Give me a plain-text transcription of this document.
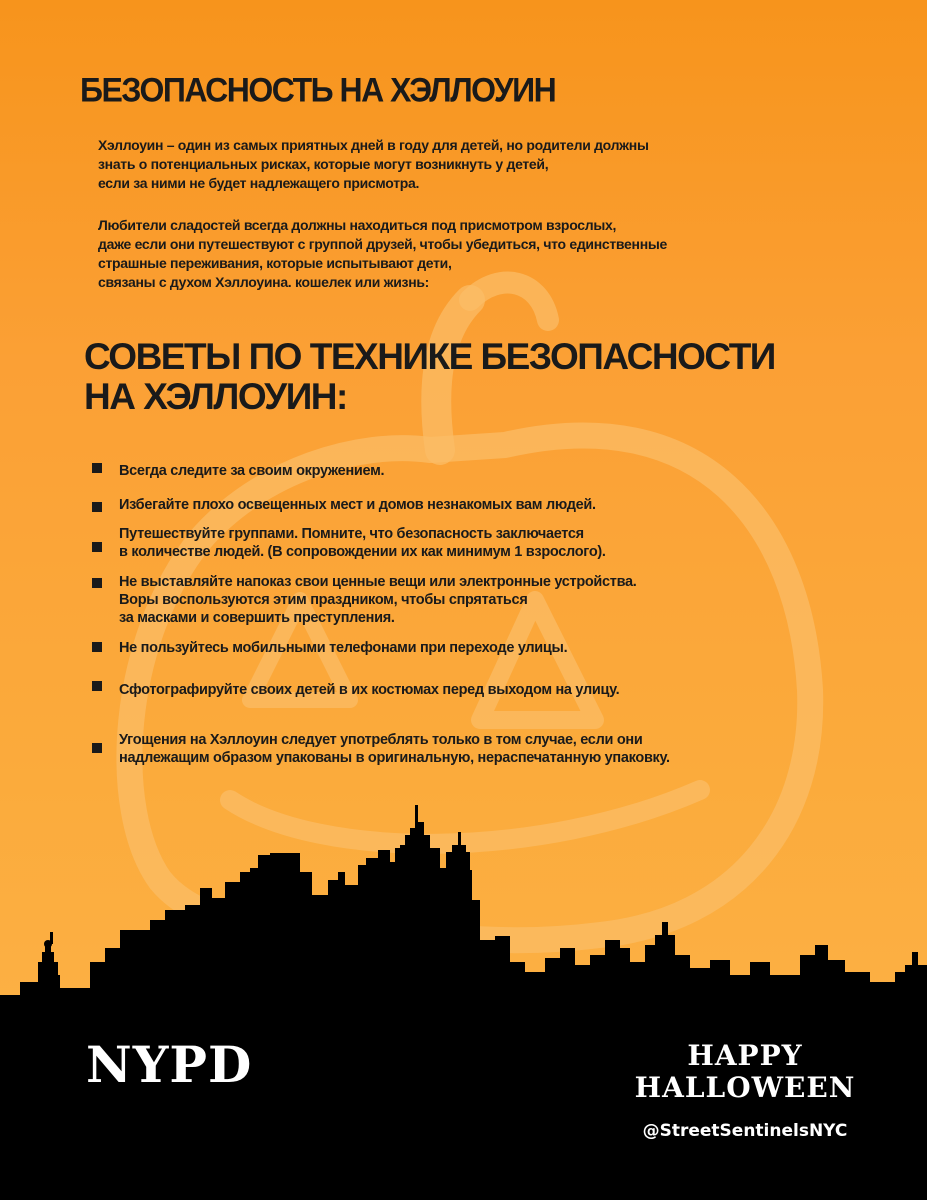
БЕЗОПАСНОСТЬ НА ХЭЛЛОУИН
Хэллоуин – один из самых приятных дней в году для детей, но родители должны
знать о потенциальных рисках, которые могут возникнуть у детей,
если за ними не будет надлежащего присмотра.
Любители сладостей всегда должны находиться под присмотром взрослых,
даже если они путешествуют с группой друзей, чтобы убедиться, что единственные
страшные переживания, которые испытывают дети,
связаны с духом Хэллоуина. кошелек или жизнь:
СОВЕТЫ ПО ТЕХНИКЕ БЕЗОПАСНОСТИ
НА ХЭЛЛОУИН:
Всегда следите за своим окружением.
Избегайте плохо освещенных мест и домов незнакомых вам людей.
Путешествуйте группами. Помните, что безопасность заключается
в количестве людей. (В сопровождении их как минимум 1 взрослого).
Не выставляйте напоказ свои ценные вещи или электронные устройства.
Воры воспользуются этим праздником, чтобы спрятаться
за масками и совершить преступления.
Не пользуйтесь мобильными телефонами при переходе улицы.
Сфотографируйте своих детей в их костюмах перед выходом на улицу.
Угощения на Хэллоуин следует употреблять только в том случае, если они
надлежащим образом упакованы в оригинальную, нераспечатанную упаковку.
NYPD	HAPPY
HALLOWEEN
@StreetSentinelsNYC
